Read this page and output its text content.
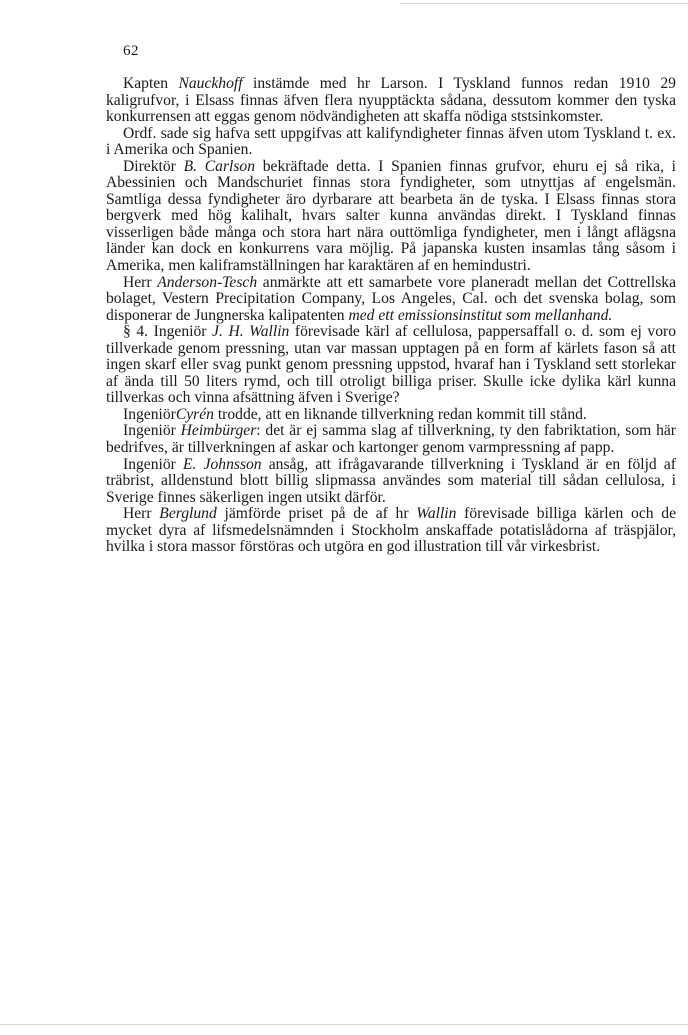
62

Kapten Nauckhoff instämde med hr Larson. I Tyskland funnos redan 1910 29 kaligrufvor, i Elsass finnas äfven flera nyupptäckta sådana, dessutom kommer den tyska konkurrensen att eggas genom nödvändigheten att skaffa nödiga ststsinkomster.

Ordf. sade sig hafva sett uppgifvas att kalifyndigheter finnas äfven utom Tyskland t. ex. i Amerika och Spanien.

Direktör B. Carlson bekräftade detta. I Spanien finnas grufvor, ehuru ej så rika, i Abessinien och Mandschuriet finnas stora fyndigheter, som utnyttjas af engelsmän. Samtliga dessa fyndigheter äro dyrbarare att bearbeta än de tyska. I Elsass finnas stora bergverk med hög kalihalt, hvars salter kunna användas direkt. I Tyskland finnas visserligen både många och stora hart nära outtömliga fyndigheter, men i långt aflägsna länder kan dock en konkurrens vara möjlig. På japanska kusten insamlas tång såsom i Amerika, men kaliframställningen har karaktären af en hemindustri.

Herr Anderson-Tesch anmärkte att ett samarbete vore planeradt mellan det Cottrellska bolaget, Vestern Precipitation Company, Los Angeles, Cal. och det svenska bolag, som disponerar de Jungnerska kalipatenten med ett emissionsinstitut som mellanhand.

§ 4. Ingeniör J. H. Wallin förevisade kärl af cellulosa, pappersaffall o. d. som ej voro tillverkade genom pressning, utan var massan upptagen på en form af kärlets fason så att ingen skarf eller svag punkt genom pressning uppstod, hvaraf han i Tyskland sett storlekar af ända till 50 liters rymd, och till otroligt billiga priser. Skulle icke dylika kärl kunna tillverkas och vinna afsättning äfven i Sverige?

IngeniörCyrén trodde, att en liknande tillverkning redan kommit till stånd.

Ingeniör Heimbürger: det är ej samma slag af tillverkning, ty den fabriktation, som här bedrifves, är tillverkningen af askar och kartonger genom varmpressning af papp.

Ingeniör E. Johnsson ansåg, att ifrågavarande tillverkning i Tyskland är en följd af träbrist, alldenstund blott billig slipmassa användes som material till sådan cellulosa, i Sverige finnes säkerligen ingen utsikt därför.

Herr Berglund jämförde priset på de af hr Wallin förevisade billiga kärlen och de mycket dyra af lifsmedelsnämnden i Stockholm anskaffade potatislådorna af träspjälor, hvilka i stora massor förstöras och utgöra en god illustration till vår virkesbrist.
